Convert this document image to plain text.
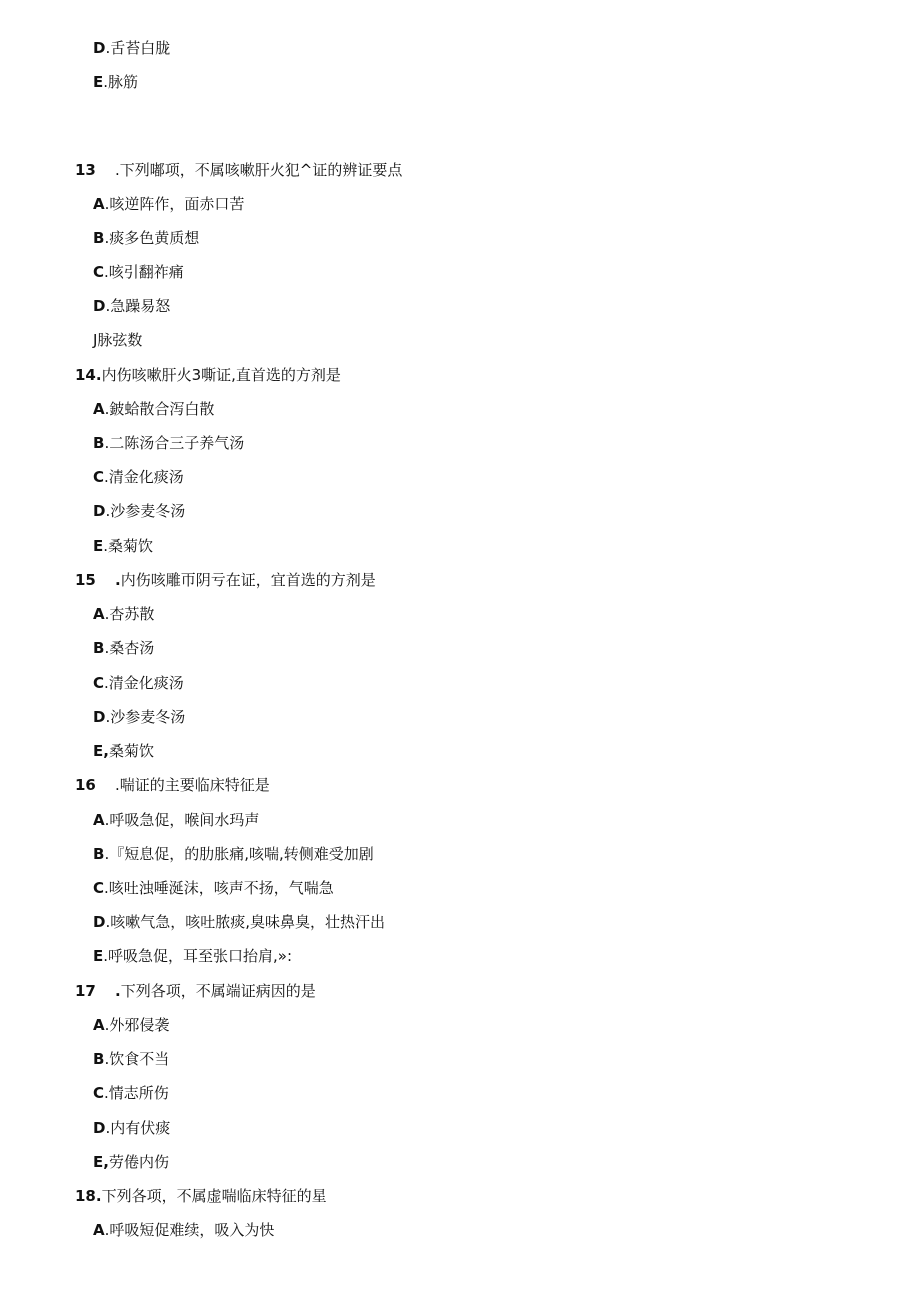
D.舌苔白胧
E.脉筋
13 .下列嘟项，不属咳嗽肝火犯^证的辨证要点
A.咳逆阵作，面赤口苦
B.痰多色黄质想
C.咳引翻祚痛
D.急躁易怒
J脉弦数
14.内伤咳嗽肝火3嘶证,直首选的方剂是
A.鈹蛤散合泻白散
B.二陈汤合三子养气汤
C.清金化痰汤
D.沙参麦冬汤
E.桑菊饮
15 .内伤咳雕帀阴亏在证，宜首选的方剂是
A.杏苏散
B.桑杏汤
C.清金化痰汤
D.沙参麦冬汤
E,桑菊饮
16 .喘证的主要临床特征是
A.呼吸急促，喉间水玛声
B.『短息促，的肋胀痛,咳喘,转侧难受加剧
C.咳吐浊唾涎沫，咳声不扬，气喘急
D.咳嗽气急，咳吐脓痰,臭味鼻臭，壮热汗出
E.呼吸急促，耳至张口抬肩,»:
17 .下列各项，不属端证病因的是
A.外邪侵袭
B.饮食不当
C.情志所伤
D.内有伏痰
E,劳倦内伤
18.下列各项，不属虚喘临床特征的星
A.呼吸短促难续，吸入为快
